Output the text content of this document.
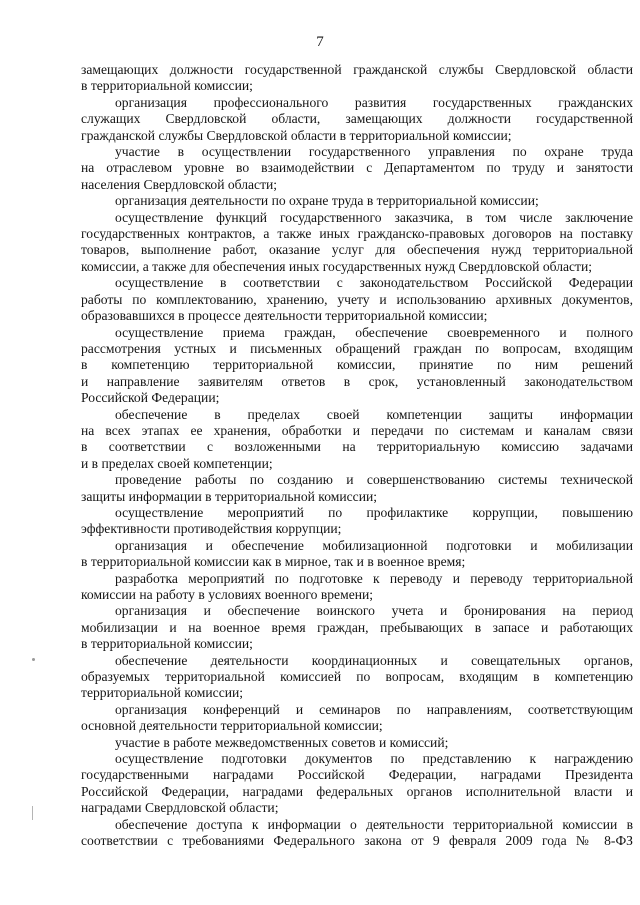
7
замещающих должности государственной гражданской службы Свердловской области
в территориальной комиссии;
организация профессионального развития государственных гражданских
служащих Свердловской области, замещающих должности государственной
гражданской службы Свердловской области в территориальной комиссии;
участие в осуществлении государственного управления по охране труда
на отраслевом уровне во взаимодействии с Департаментом по труду и занятости
населения Свердловской области;
организация деятельности по охране труда в территориальной комиссии;
осуществление функций государственного заказчика, в том числе заключение
государственных контрактов, а также иных гражданско-правовых договоров на поставку
товаров, выполнение работ, оказание услуг для обеспечения нужд территориальной
комиссии, а также для обеспечения иных государственных нужд Свердловской области;
осуществление в соответствии с законодательством Российской Федерации
работы по комплектованию, хранению, учету и использованию архивных документов,
образовавшихся в процессе деятельности территориальной комиссии;
осуществление приема граждан, обеспечение своевременного и полного
рассмотрения устных и письменных обращений граждан по вопросам, входящим
в компетенцию территориальной комиссии, принятие по ним решений
и направление заявителям ответов в срок, установленный законодательством
Российской Федерации;
обеспечение в пределах своей компетенции защиты информации
на всех этапах ее хранения, обработки и передачи по системам и каналам связи
в соответствии с возложенными на территориальную комиссию задачами
и в пределах своей компетенции;
проведение работы по созданию и совершенствованию системы технической
защиты информации в территориальной комиссии;
осуществление мероприятий по профилактике коррупции, повышению
эффективности противодействия коррупции;
организация и обеспечение мобилизационной подготовки и мобилизации
в территориальной комиссии как в мирное, так и в военное время;
разработка мероприятий по подготовке к переводу и переводу территориальной
комиссии на работу в условиях военного времени;
организация и обеспечение воинского учета и бронирования на период
мобилизации и на военное время граждан, пребывающих в запасе и работающих
в территориальной комиссии;
обеспечение деятельности координационных и совещательных органов,
образуемых территориальной комиссией по вопросам, входящим в компетенцию
территориальной комиссии;
организация конференций и семинаров по направлениям, соответствующим
основной деятельности территориальной комиссии;
участие в работе межведомственных советов и комиссий;
осуществление подготовки документов по представлению к награждению
государственными наградами Российской Федерации, наградами Президента
Российской Федерации, наградами федеральных органов исполнительной власти и
наградами Свердловской области;
обеспечение доступа к информации о деятельности территориальной комиссии в
соответствии с требованиями Федерального закона от 9 февраля 2009 года № 8-ФЗ
